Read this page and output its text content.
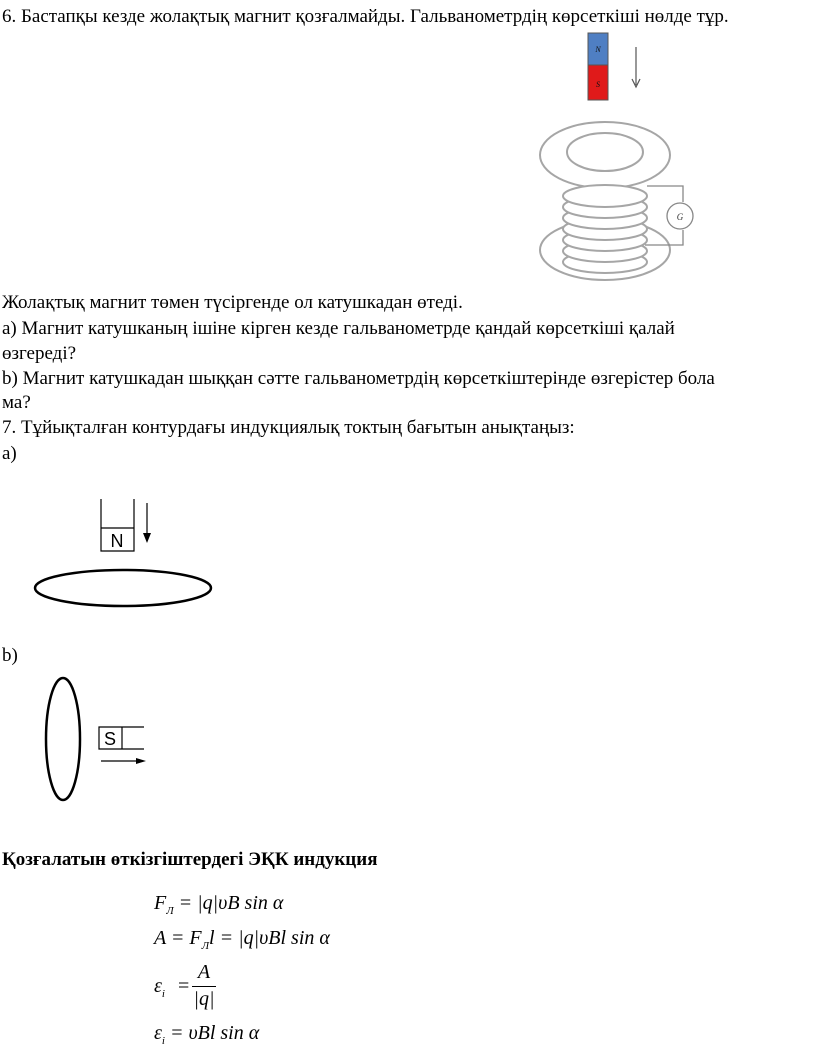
6. Бастапқы кезде жолақтық магнит қозғалмайды. Гальванометрдің көрсеткіші нөлде тұр.
N
S
G
Жолақтық магнит төмен түсіргенде ол катушкадан өтеді.
a) Магнит катушканың ішіне кірген кезде гальванометрде қандай көрсеткіші қалай
өзгереді?
b) Магнит катушкадан шыққан сәтте гальванометрдің көрсеткіштерінде өзгерістер бола
ма?
7. Тұйықталған контурдағы индукциялық токтың бағытын анықтаңыз:
a)
N
b)
S
Қозғалатын өткізгіштердегі ЭҚК индукция
$F_Л = |q|\upsilon B$ sin α
$A = F_Лl = |q|\upsilon Bl$ sin α
$\varepsilon_i$ =
A
|q|
$\varepsilon_i = \upsilon Bl$ sin α
